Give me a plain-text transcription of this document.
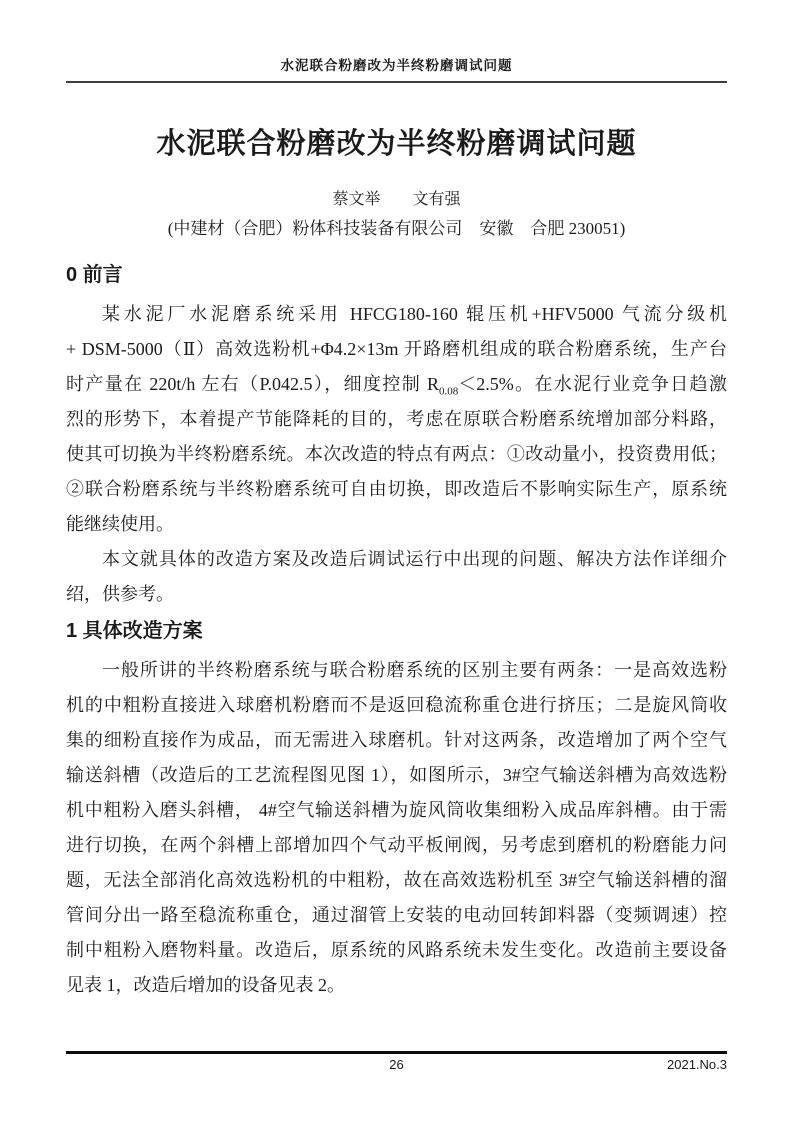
水泥联合粉磨改为半终粉磨调试问题
水泥联合粉磨改为半终粉磨调试问题
蔡文举　　文有强
(中建材（合肥）粉体科技装备有限公司　安徽　合肥 230051)
0 前言
某水泥厂水泥磨系统采用 HFCG180-160 辊压机+HFV5000 气流分级机
+ DSM-5000（Ⅱ）高效选粉机+Φ4.2×13m 开路磨机组成的联合粉磨系统，生产台
时产量在 220t/h 左右（P.042.5），细度控制 $R_{0.08}<2.5\%$。在水泥行业竞争日趋激
烈的形势下，本着提产节能降耗的目的，考虑在原联合粉磨系统增加部分料路，
使其可切换为半终粉磨系统。本次改造的特点有两点：①改动量小，投资费用低；
②联合粉磨系统与半终粉磨系统可自由切换，即改造后不影响实际生产，原系统
能继续使用。
本文就具体的改造方案及改造后调试运行中出现的问题、解决方法作详细介
绍，供参考。
1 具体改造方案
一般所讲的半终粉磨系统与联合粉磨系统的区别主要有两条：一是高效选粉
机的中粗粉直接进入球磨机粉磨而不是返回稳流称重仓进行挤压；二是旋风筒收
集的细粉直接作为成品，而无需进入球磨机。针对这两条，改造增加了两个空气
输送斜槽（改造后的工艺流程图见图 1），如图所示，3#空气输送斜槽为高效选粉
机中粗粉入磨头斜槽， 4#空气输送斜槽为旋风筒收集细粉入成品库斜槽。由于需
进行切换，在两个斜槽上部增加四个气动平板闸阀，另考虑到磨机的粉磨能力问
题，无法全部消化高效选粉机的中粗粉，故在高效选粉机至 3#空气输送斜槽的溜
管间分出一路至稳流称重仓，通过溜管上安装的电动回转卸料器（变频调速）控
制中粗粉入磨物料量。改造后，原系统的风路系统未发生变化。改造前主要设备
见表 1，改造后增加的设备见表 2。
26	2021.No.3
